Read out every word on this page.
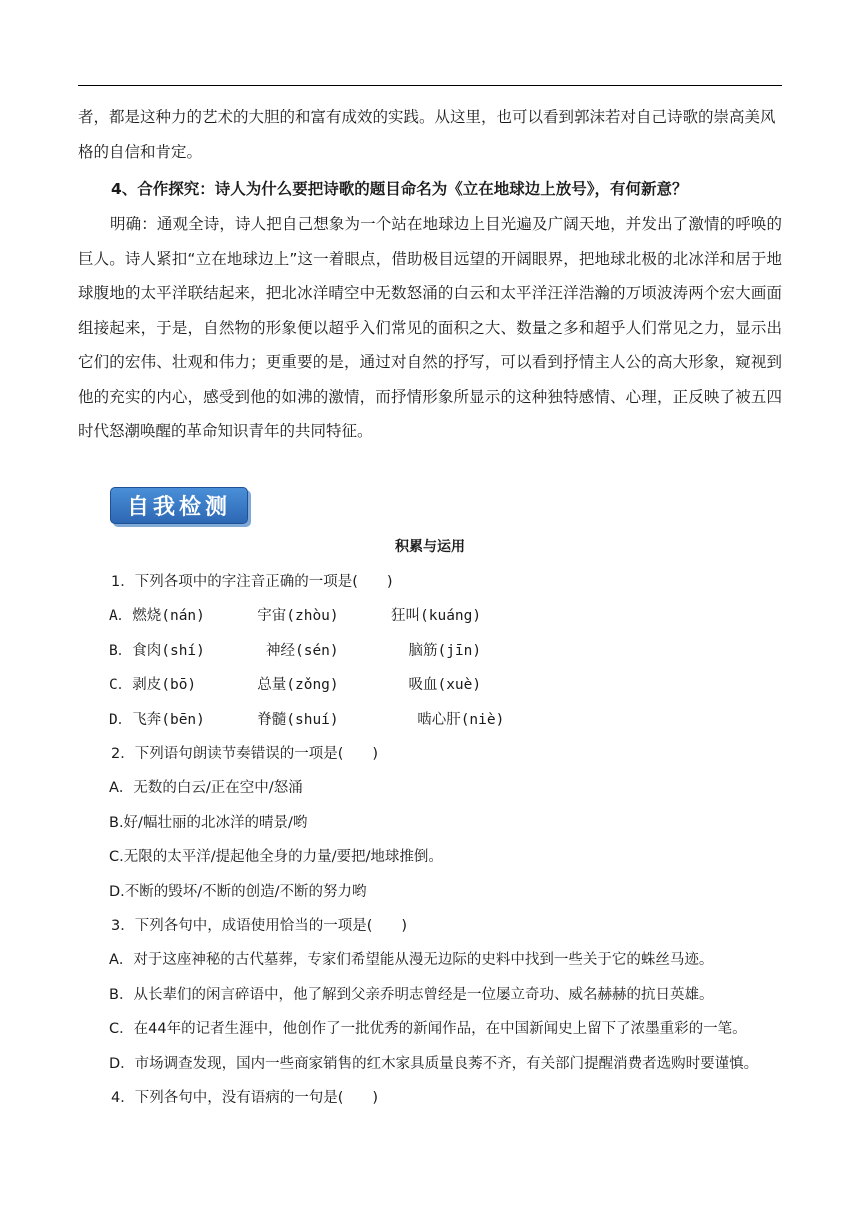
者，都是这种力的艺术的大胆的和富有成效的实践。从这里，也可以看到郭沫若对自己诗歌的崇高美风格的自信和肯定。

4、合作探究：诗人为什么要把诗歌的题目命名为《立在地球边上放号》，有何新意？

明确：通观全诗，诗人把自己想象为一个站在地球边上目光遍及广阔天地，并发出了激情的呼唤的巨人。诗人紧扣“立在地球边上”这一着眼点，借助极目远望的开阔眼界，把地球北极的北冰洋和居于地球腹地的太平洋联结起来，把北冰洋晴空中无数怒涌的白云和太平洋汪洋浩瀚的万顷波涛两个宏大画面组接起来，于是，自然物的形象便以超乎入们常见的面积之大、数量之多和超乎人们常见之力，显示出它们的宏伟、壮观和伟力；更重要的是，通过对自然的抒写，可以看到抒情主人公的高大形象，窥视到他的充实的内心，感受到他的如沸的激情，而抒情形象所显示的这种独特感情、心理，正反映了被五四时代怒潮唤醒的革命知识青年的共同特征。

自我检测
积累与运用
1．下列各项中的字注音正确的一项是(　　)
A．燃烧(nán)      宇宙(zhòu)      狂叫(kuáng)
B．食肉(shí)       神经(sén)        脑筋(jīn)
C．剥皮(bō)       总量(zǒng)        吸血(xuè)
D．飞奔(bēn)      脊髓(shuí)         啮心肝(niè)
2．下列语句朗读节奏错误的一项是(　　)
A．无数的白云/正在空中/怒涌
B.好/幅壮丽的北冰洋的晴景/哟
C.无限的太平洋/提起他全身的力量/要把/地球推倒。
D.不断的毁坏/不断的创造/不断的努力哟
3．下列各句中，成语使用恰当的一项是(　　)
A．对于这座神秘的古代墓葬，专家们希望能从漫无边际的史料中找到一些关于它的蛛丝马迹。
B．从长辈们的闲言碎语中，他了解到父亲乔明志曾经是一位屡立奇功、威名赫赫的抗日英雄。
C．在44年的记者生涯中，他创作了一批优秀的新闻作品，在中国新闻史上留下了浓墨重彩的一笔。
D．市场调查发现，国内一些商家销售的红木家具质量良莠不齐，有关部门提醒消费者选购时要谨慎。
4．下列各句中，没有语病的一句是(　　)
